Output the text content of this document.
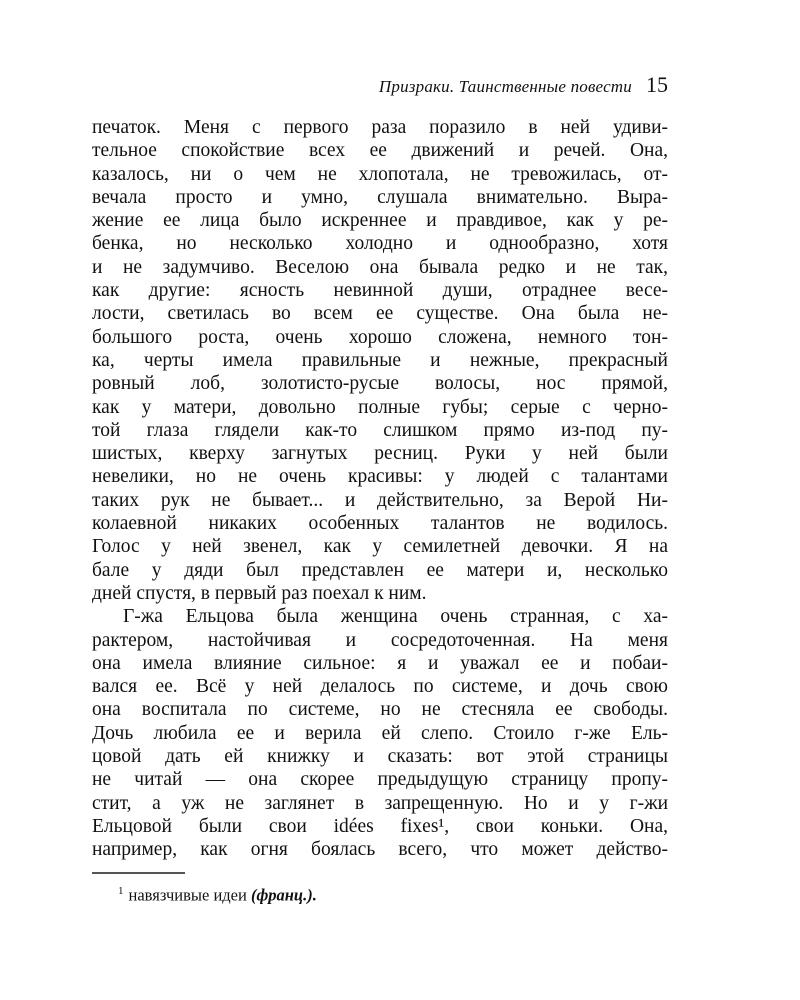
Призраки. Таинственные повести 15
печаток. Меня с первого раза поразило в ней удиви-
тельное спокойствие всех ее движений и речей. Она,
казалось, ни о чем не хлопотала, не тревожилась, от-
вечала просто и умно, слушала внимательно. Выра-
жение ее лица было искреннее и правдивое, как у ре-
бенка, но несколько холодно и однообразно, хотя
и не задумчиво. Веселою она бывала редко и не так,
как другие: ясность невинной души, отраднее весе-
лости, светилась во всем ее существе. Она была не-
большого роста, очень хорошо сложена, немного тон-
ка, черты имела правильные и нежные, прекрасный
ровный лоб, золотисто-русые волосы, нос прямой,
как у матери, довольно полные губы; серые с черно-
той глаза глядели как-то слишком прямо из-под пу-
шистых, кверху загнутых ресниц. Руки у ней были
невелики, но не очень красивы: у людей с талантами
таких рук не бывает... и действительно, за Верой Ни-
колаевной никаких особенных талантов не водилось.
Голос у ней звенел, как у семилетней девочки. Я на
бале у дяди был представлен ее матери и, несколько
дней спустя, в первый раз поехал к ним.
Г-жа Ельцова была женщина очень странная, с ха-
рактером, настойчивая и сосредоточенная. На меня
она имела влияние сильное: я и уважал ее и побаи-
вался ее. Всё у ней делалось по системе, и дочь свою
она воспитала по системе, но не стесняла ее свободы.
Дочь любила ее и верила ей слепо. Стоило г-же Ель-
цовой дать ей книжку и сказать: вот этой страницы
не читай — она скорее предыдущую страницу пропу-
стит, а уж не заглянет в запрещенную. Но и у г-жи
Ельцовой были свои idées fixes¹, свои коньки. Она,
например, как огня боялась всего, что может действо-
$^1$ навязчивые идеи (франц.).
